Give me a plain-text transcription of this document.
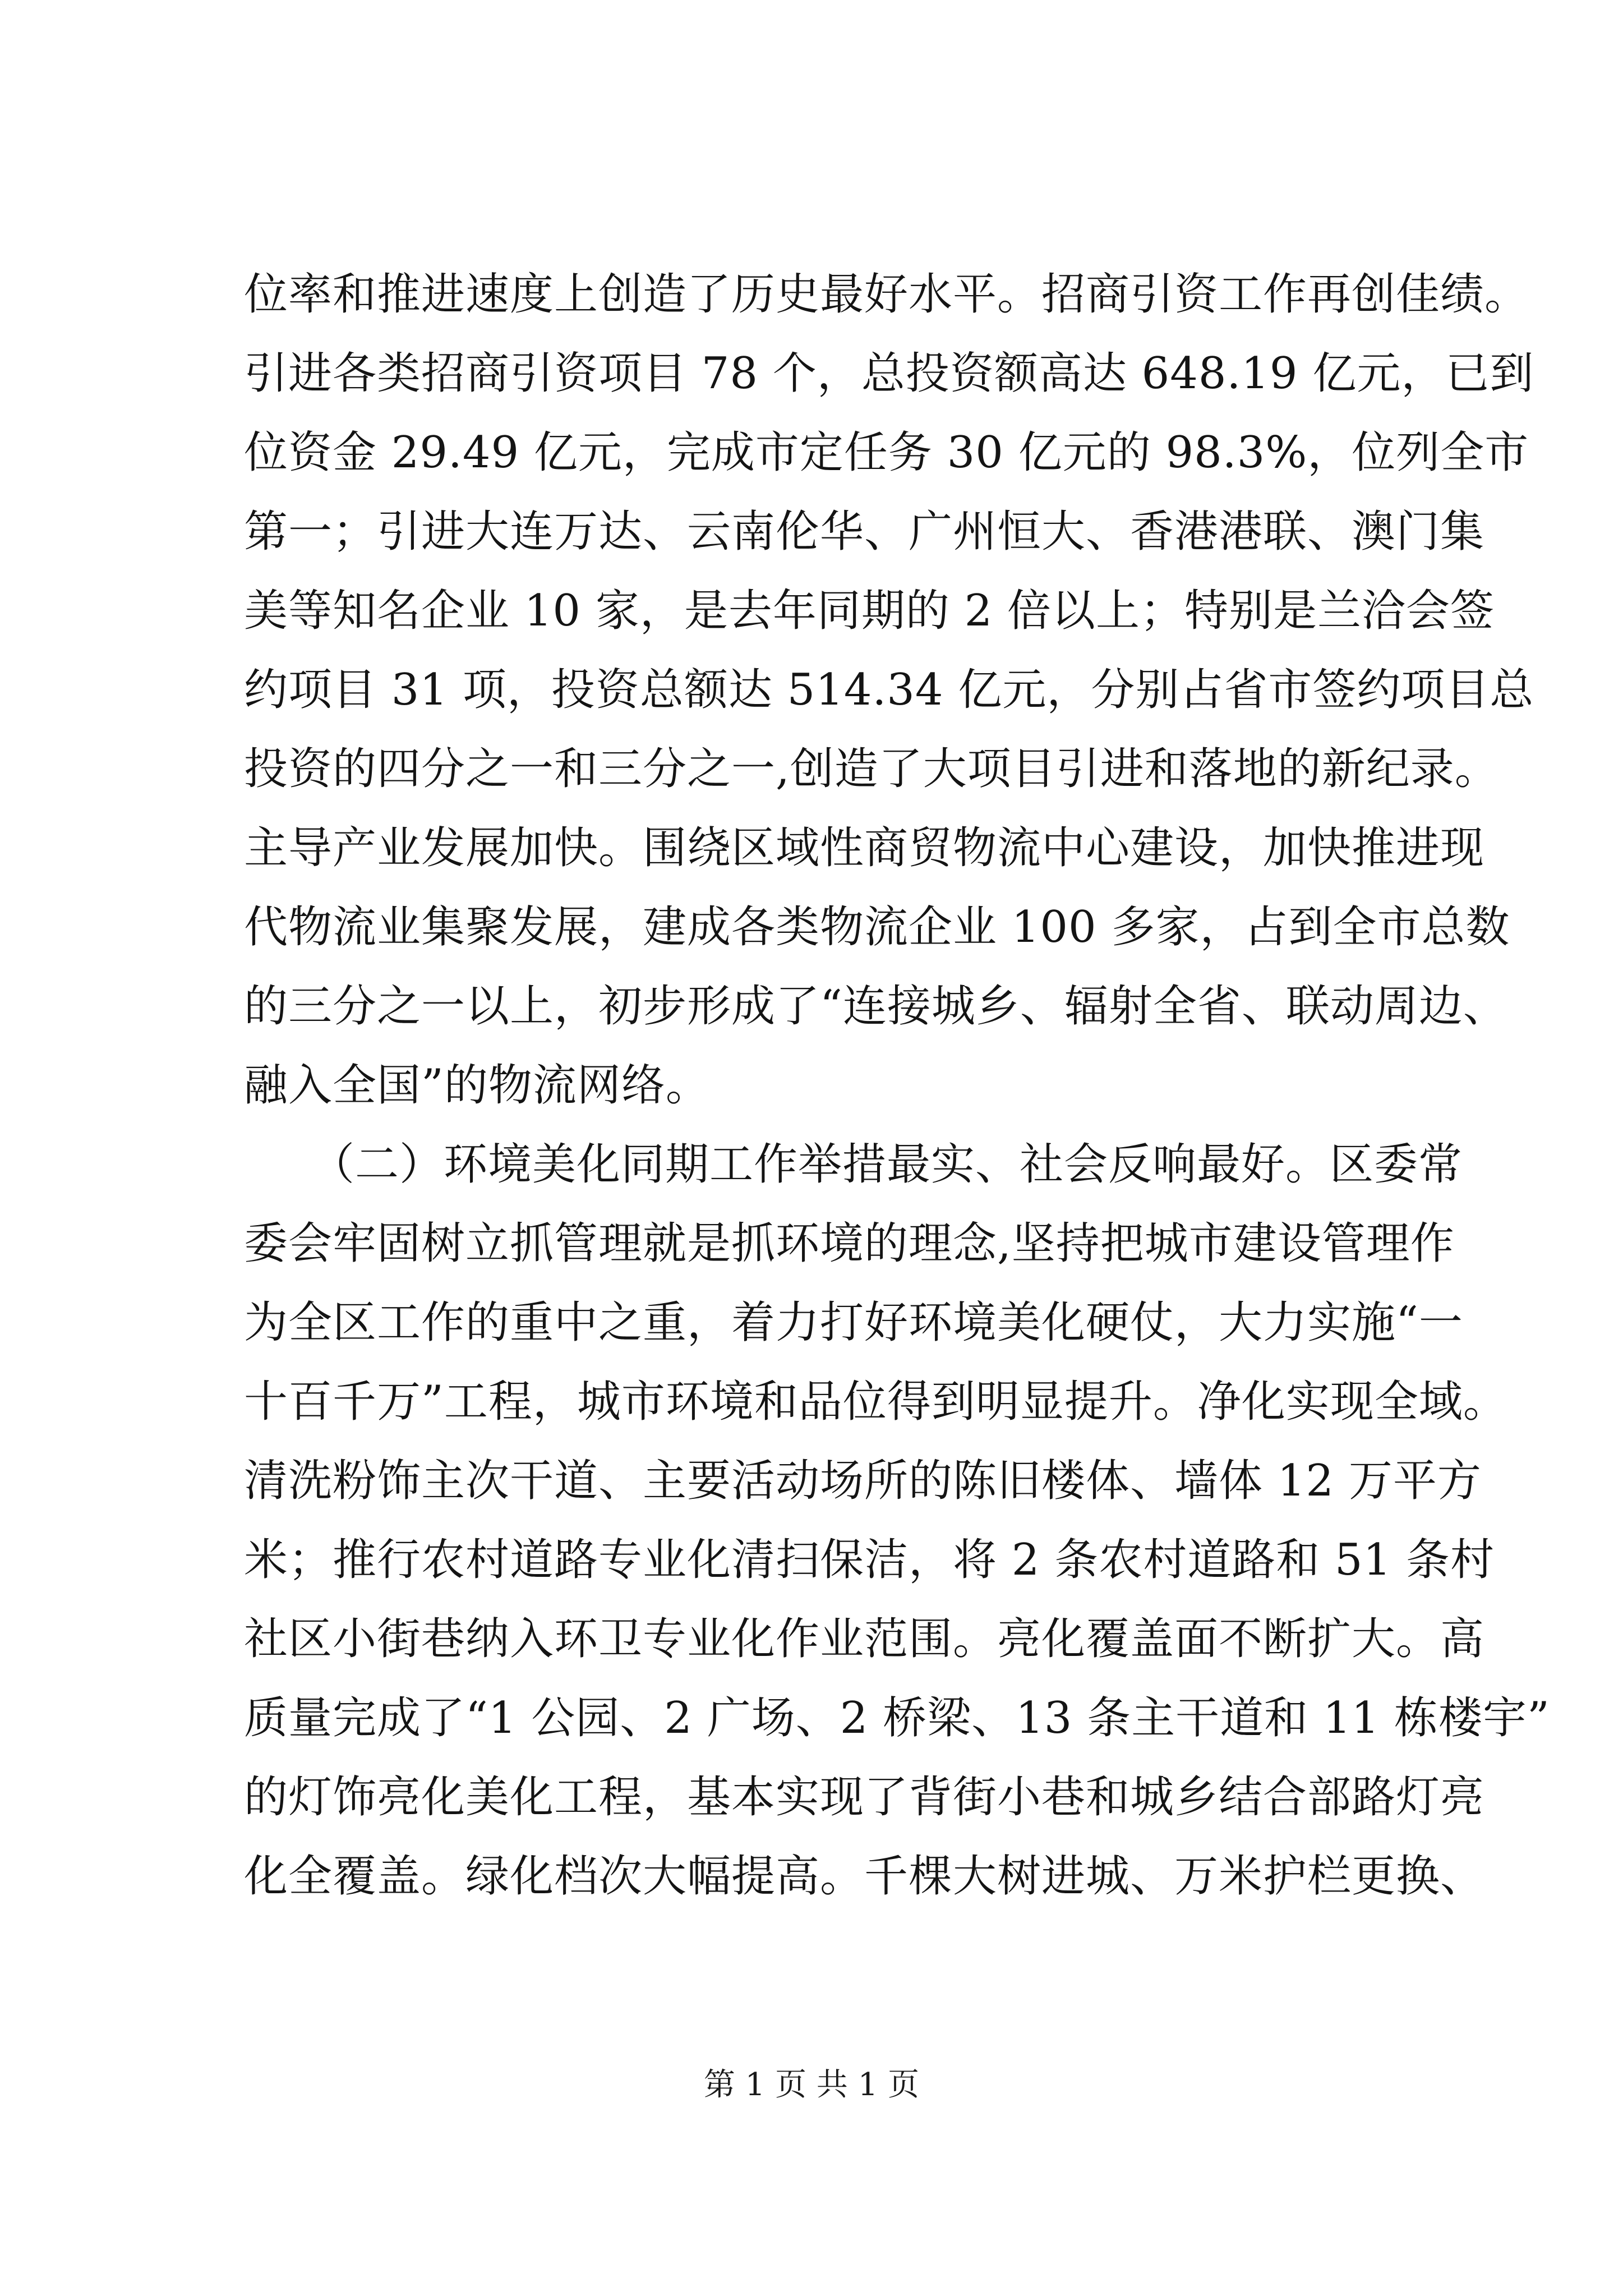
位率和推进速度上创造了历史最好水平。招商引资工作再创佳绩。
引进各类招商引资项目 78 个，总投资额高达 648.19 亿元，已到
位资金 29.49 亿元，完成市定任务 30 亿元的 98.3%，位列全市
第一；引进大连万达、云南伦华、广州恒大、香港港联、澳门集
美等知名企业 10 家，是去年同期的 2 倍以上；特别是兰洽会签
约项目 31 项，投资总额达 514.34 亿元，分别占省市签约项目总
投资的四分之一和三分之一,创造了大项目引进和落地的新纪录。
主导产业发展加快。围绕区域性商贸物流中心建设，加快推进现
代物流业集聚发展，建成各类物流企业 100 多家，占到全市总数
的三分之一以上，初步形成了“连接城乡、辐射全省、联动周边、
融入全国”的物流网络。
　　（二）环境美化同期工作举措最实、社会反响最好。区委常
委会牢固树立抓管理就是抓环境的理念,坚持把城市建设管理作
为全区工作的重中之重，着力打好环境美化硬仗，大力实施“一
十百千万”工程，城市环境和品位得到明显提升。净化实现全域。
清洗粉饰主次干道、主要活动场所的陈旧楼体、墙体 12 万平方
米；推行农村道路专业化清扫保洁，将 2 条农村道路和 51 条村
社区小街巷纳入环卫专业化作业范围。亮化覆盖面不断扩大。高
质量完成了“1 公园、2 广场、2 桥梁、13 条主干道和 11 栋楼宇”
的灯饰亮化美化工程，基本实现了背街小巷和城乡结合部路灯亮
化全覆盖。绿化档次大幅提高。千棵大树进城、万米护栏更换、
第 1 页 共 1 页
